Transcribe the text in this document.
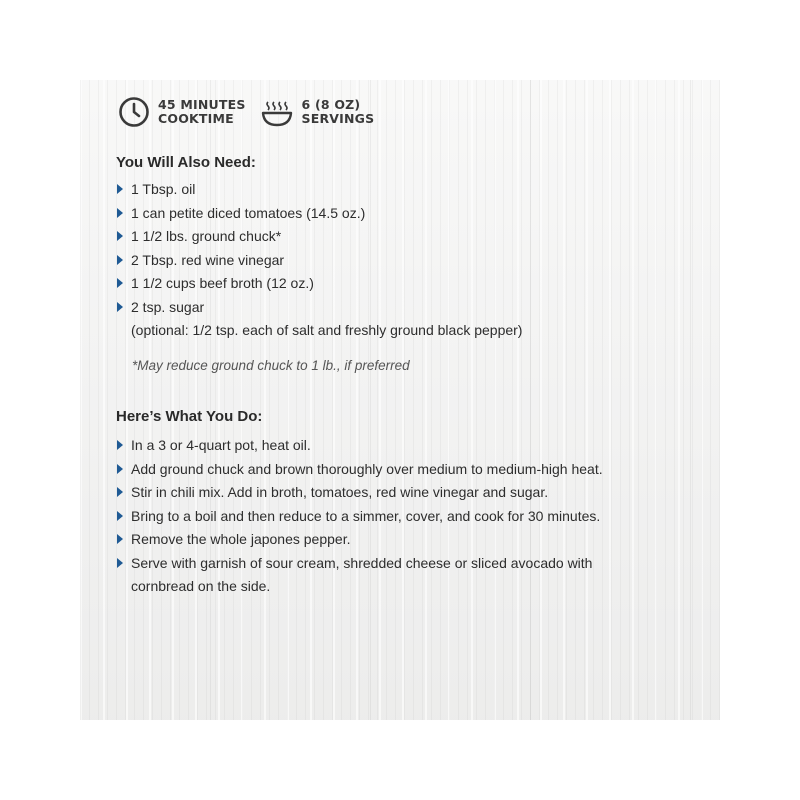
45 MINUTES
COOKTIME
6 (8 OZ)
SERVINGS
You Will Also Need:
1 Tbsp. oil
1 can petite diced tomatoes (14.5 oz.)
1 1/2 lbs. ground chuck*
2 Tbsp. red wine vinegar
1 1/2 cups beef broth (12 oz.)
2 tsp. sugar
(optional: 1/2 tsp. each of salt and freshly ground black pepper)

*May reduce ground chuck to 1 lb., if preferred

Here’s What You Do:
In a 3 or 4-quart pot, heat oil.
Add ground chuck and brown thoroughly over medium to medium-high heat.
Stir in chili mix. Add in broth, tomatoes, red wine vinegar and sugar.
Bring to a boil and then reduce to a simmer, cover, and cook for 30 minutes.
Remove the whole japones pepper.
Serve with garnish of sour cream, shredded cheese or sliced avocado with
cornbread on the side.
